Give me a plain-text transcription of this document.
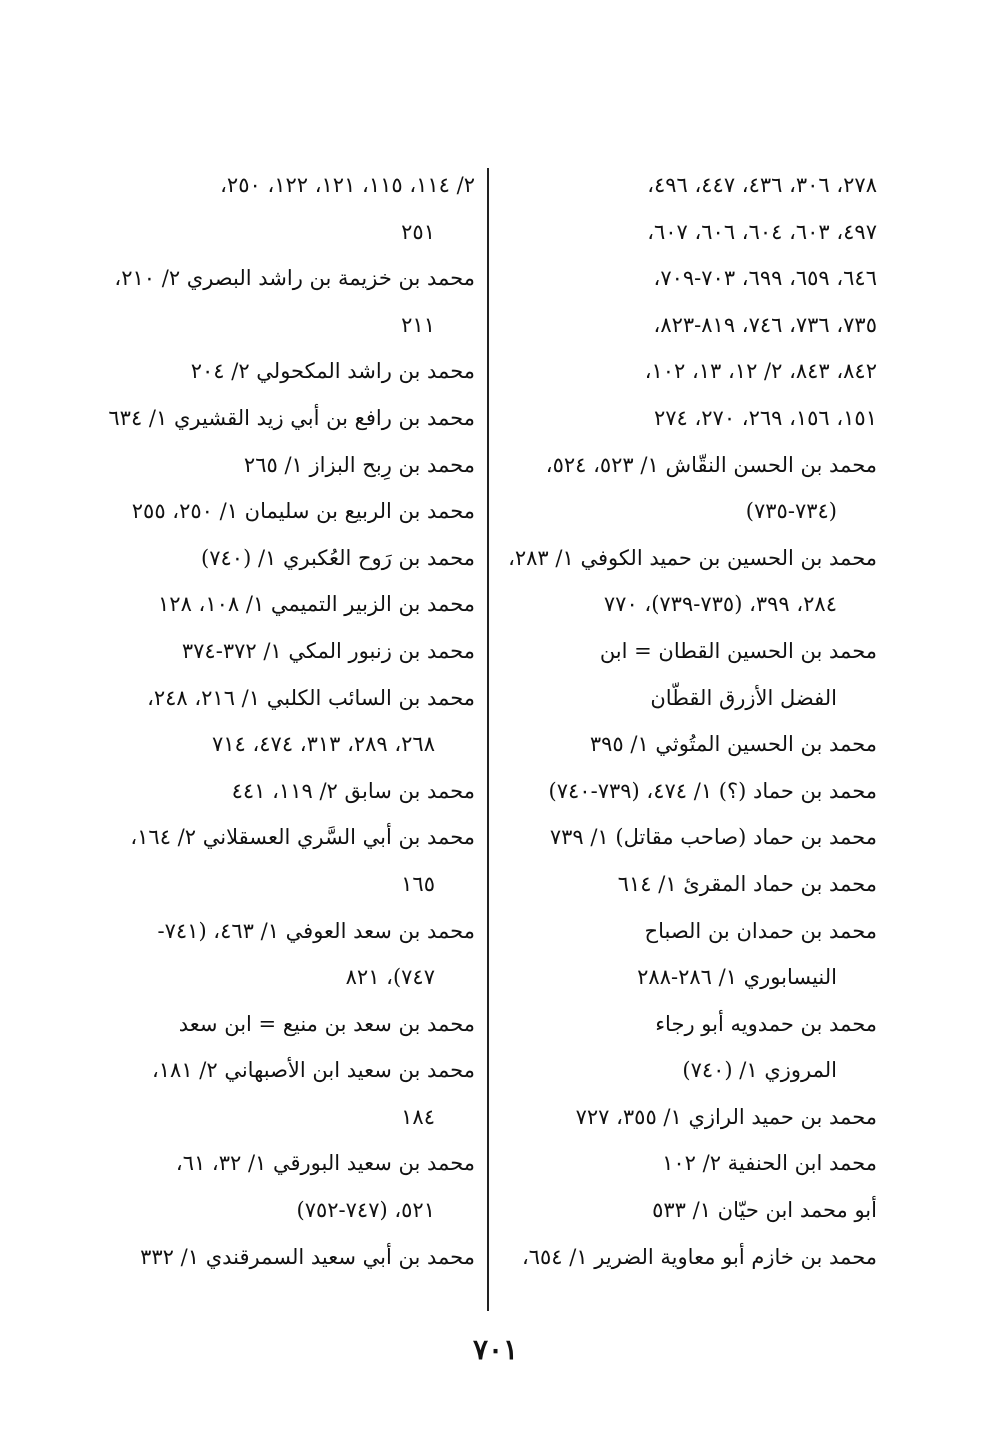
٢٧٨، ٣٠٦، ٤٣٦، ٤٤٧، ٤٩٦،
٤٩٧، ٦٠٣، ٦٠٤، ٦٠٦، ٦٠٧،
٦٤٦، ٦٥٩، ٦٩٩، ٧٠٣-٧٠٩،
٧٣٥، ٧٣٦، ٧٤٦، ٨١٩-٨٢٣،
٨٤٢، ٨٤٣، ٢/ ١٢، ١٣، ١٠٢،
١٥١، ١٥٦، ٢٦٩، ٢٧٠، ٢٧٤
محمد بن الحسن النقّاش ١/ ٥٢٣، ٥٢٤،
(٧٣٤-٧٣٥)
محمد بن الحسين بن حميد الكوفي ١/ ٢٨٣،
٢٨٤، ٣٩٩، (٧٣٥-٧٣٩)، ٧٧٠
محمد بن الحسين القطان = ابن
الفضل الأزرق القطّان
محمد بن الحسين المتُوثي ١/ ٣٩٥
محمد بن حماد (؟) ١/ ٤٧٤، (٧٣٩-٧٤٠)
محمد بن حماد (صاحب مقاتل) ١/ ٧٣٩
محمد بن حماد المقرئ ١/ ٦١٤
محمد بن حمدان بن الصباح
النيسابوري ١/ ٢٨٦-٢٨٨
محمد بن حمدويه أبو رجاء
المروزي ١/ (٧٤٠)
محمد بن حميد الرازي ١/ ٣٥٥، ٧٢٧
محمد ابن الحنفية ٢/ ١٠٢
أبو محمد ابن حيّان ١/ ٥٣٣
محمد بن خازم أبو معاوية الضرير ١/ ٦٥٤،
٢/ ١١٤، ١١٥، ١٢١، ١٢٢، ٢٥٠،
٢٥١
محمد بن خزيمة بن راشد البصري ٢/ ٢١٠،
٢١١
محمد بن راشد المكحولي ٢/ ٢٠٤
محمد بن رافع بن أبي زيد القشيري ١/ ٦٣٤
محمد بن رِبح البزاز ١/ ٢٦٥
محمد بن الربيع بن سليمان ١/ ٢٥٠، ٢٥٥
محمد بن رَوح العُكبري ١/ (٧٤٠)
محمد بن الزبير التميمي ١/ ١٠٨، ١٢٨
محمد بن زنبور المكي ١/ ٣٧٢-٣٧٤
محمد بن السائب الكلبي ١/ ٢١٦، ٢٤٨،
٢٦٨، ٢٨٩، ٣١٣، ٤٧٤، ٧١٤
محمد بن سابق ٢/ ١١٩، ٤٤١
محمد بن أبي السَّري العسقلاني ٢/ ١٦٤،
١٦٥
محمد بن سعد العوفي ١/ ٤٦٣، (٧٤١-
٧٤٧)، ٨٢١
محمد بن سعد بن منيع = ابن سعد
محمد بن سعيد ابن الأصبهاني ٢/ ١٨١،
١٨٤
محمد بن سعيد البورقي ١/ ٣٢، ٦١،
٥٢١، (٧٤٧-٧٥٢)
محمد بن أبي سعيد السمرقندي ١/ ٣٣٢
٧٠١
